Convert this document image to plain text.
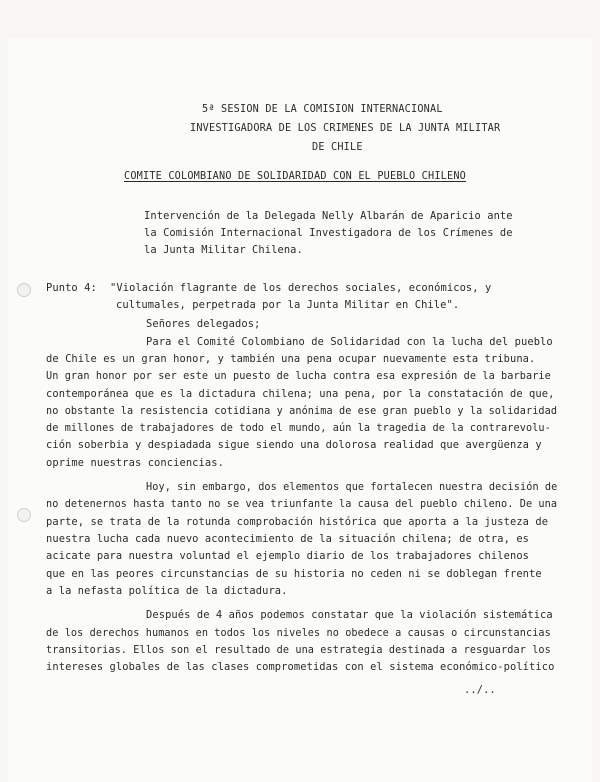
5ª SESION DE LA COMISION INTERNACIONAL
INVESTIGADORA DE LOS CRIMENES DE LA JUNTA MILITAR
DE CHILE
COMITE COLOMBIANO DE SOLIDARIDAD CON EL PUEBLO CHILENO
Intervención de la Delegada Nelly Albarán de Aparicio ante
la Comisión Internacional Investigadora de los Crímenes de
la Junta Militar Chilena.
Punto 4: "Violación flagrante de los derechos sociales, económicos, y
cultumales, perpetrada por la Junta Militar en Chile".
Señores delegados;
Para el Comité Colombiano de Solidaridad con la lucha del pueblo
de Chile es un gran honor, y también una pena ocupar nuevamente esta tribuna.
Un gran honor por ser este un puesto de lucha contra esa expresión de la barbarie
contemporánea que es la dictadura chilena; una pena, por la constatación de que,
no obstante la resistencia cotidiana y anónima de ese gran pueblo y la solidaridad
de millones de trabajadores de todo el mundo, aún la tragedia de la contrarevolu-
ción soberbia y despiadada sigue siendo una dolorosa realidad que avergüenza y
oprime nuestras conciencias.
Hoy, sin embargo, dos elementos que fortalecen nuestra decisión de
no detenernos hasta tanto no se vea triunfante la causa del pueblo chileno. De una
parte, se trata de la rotunda comprobación histórica que aporta a la justeza de
nuestra lucha cada nuevo acontecimiento de la situación chilena; de otra, es
acicate para nuestra voluntad el ejemplo diario de los trabajadores chilenos
que en las peores circunstancias de su historia no ceden ni se doblegan frente
a la nefasta política de la dictadura.
Después de 4 años podemos constatar que la violación sistemática
de los derechos humanos en todos los niveles no obedece a causas o circunstancias
transitorias. Ellos son el resultado de una estrategia destinada a resguardar los
intereses globales de las clases comprometidas con el sistema económico-político
../..
